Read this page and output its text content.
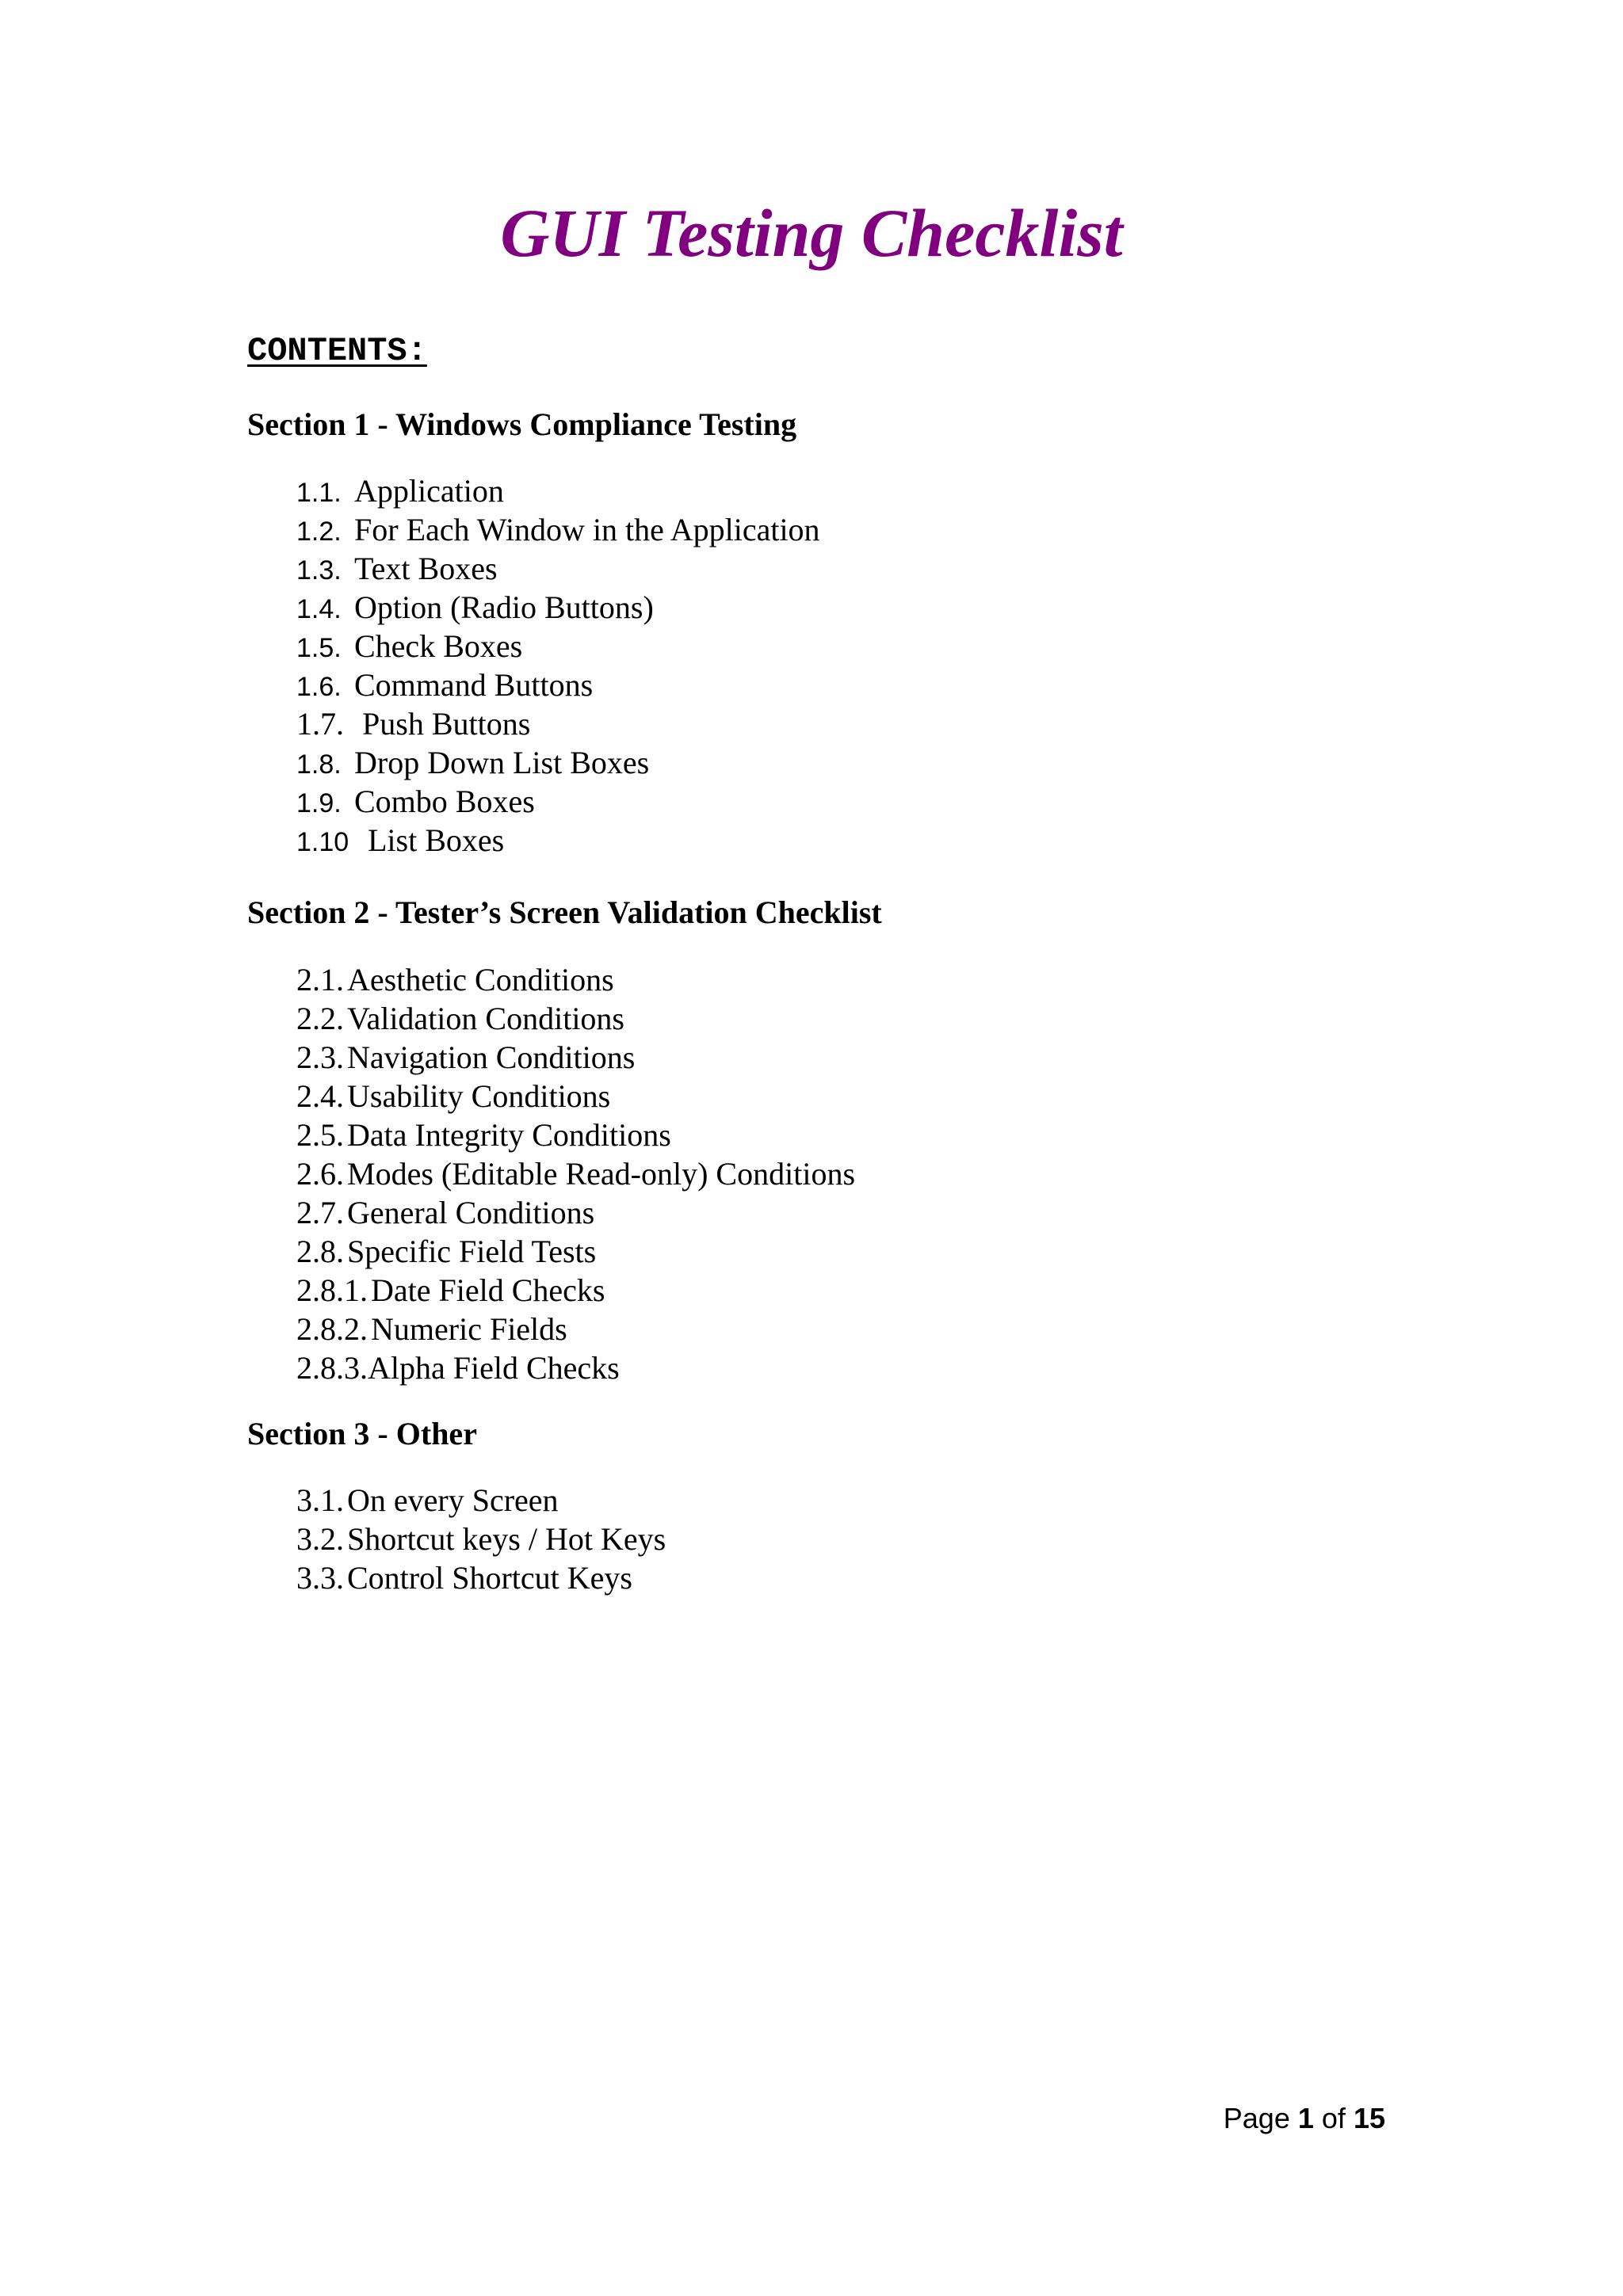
GUI Testing Checklist
CONTENTS:
Section 1 - Windows Compliance Testing
1.1. Application
1.2. For Each Window in the Application
1.3. Text Boxes
1.4. Option (Radio Buttons)
1.5. Check Boxes
1.6. Command Buttons
1.7. Push Buttons
1.8. Drop Down List Boxes
1.9. Combo Boxes
1.10 List Boxes
Section 2 - Tester’s Screen Validation Checklist
2.1. Aesthetic Conditions
2.2. Validation Conditions
2.3. Navigation Conditions
2.4. Usability Conditions
2.5. Data Integrity Conditions
2.6. Modes (Editable Read-only) Conditions
2.7. General Conditions
2.8. Specific Field Tests
2.8.1. Date Field Checks
2.8.2. Numeric Fields
2.8.3.Alpha Field Checks
Section 3 - Other
3.1. On every Screen
3.2. Shortcut keys / Hot Keys
3.3. Control Shortcut Keys
Page 1 of 15
